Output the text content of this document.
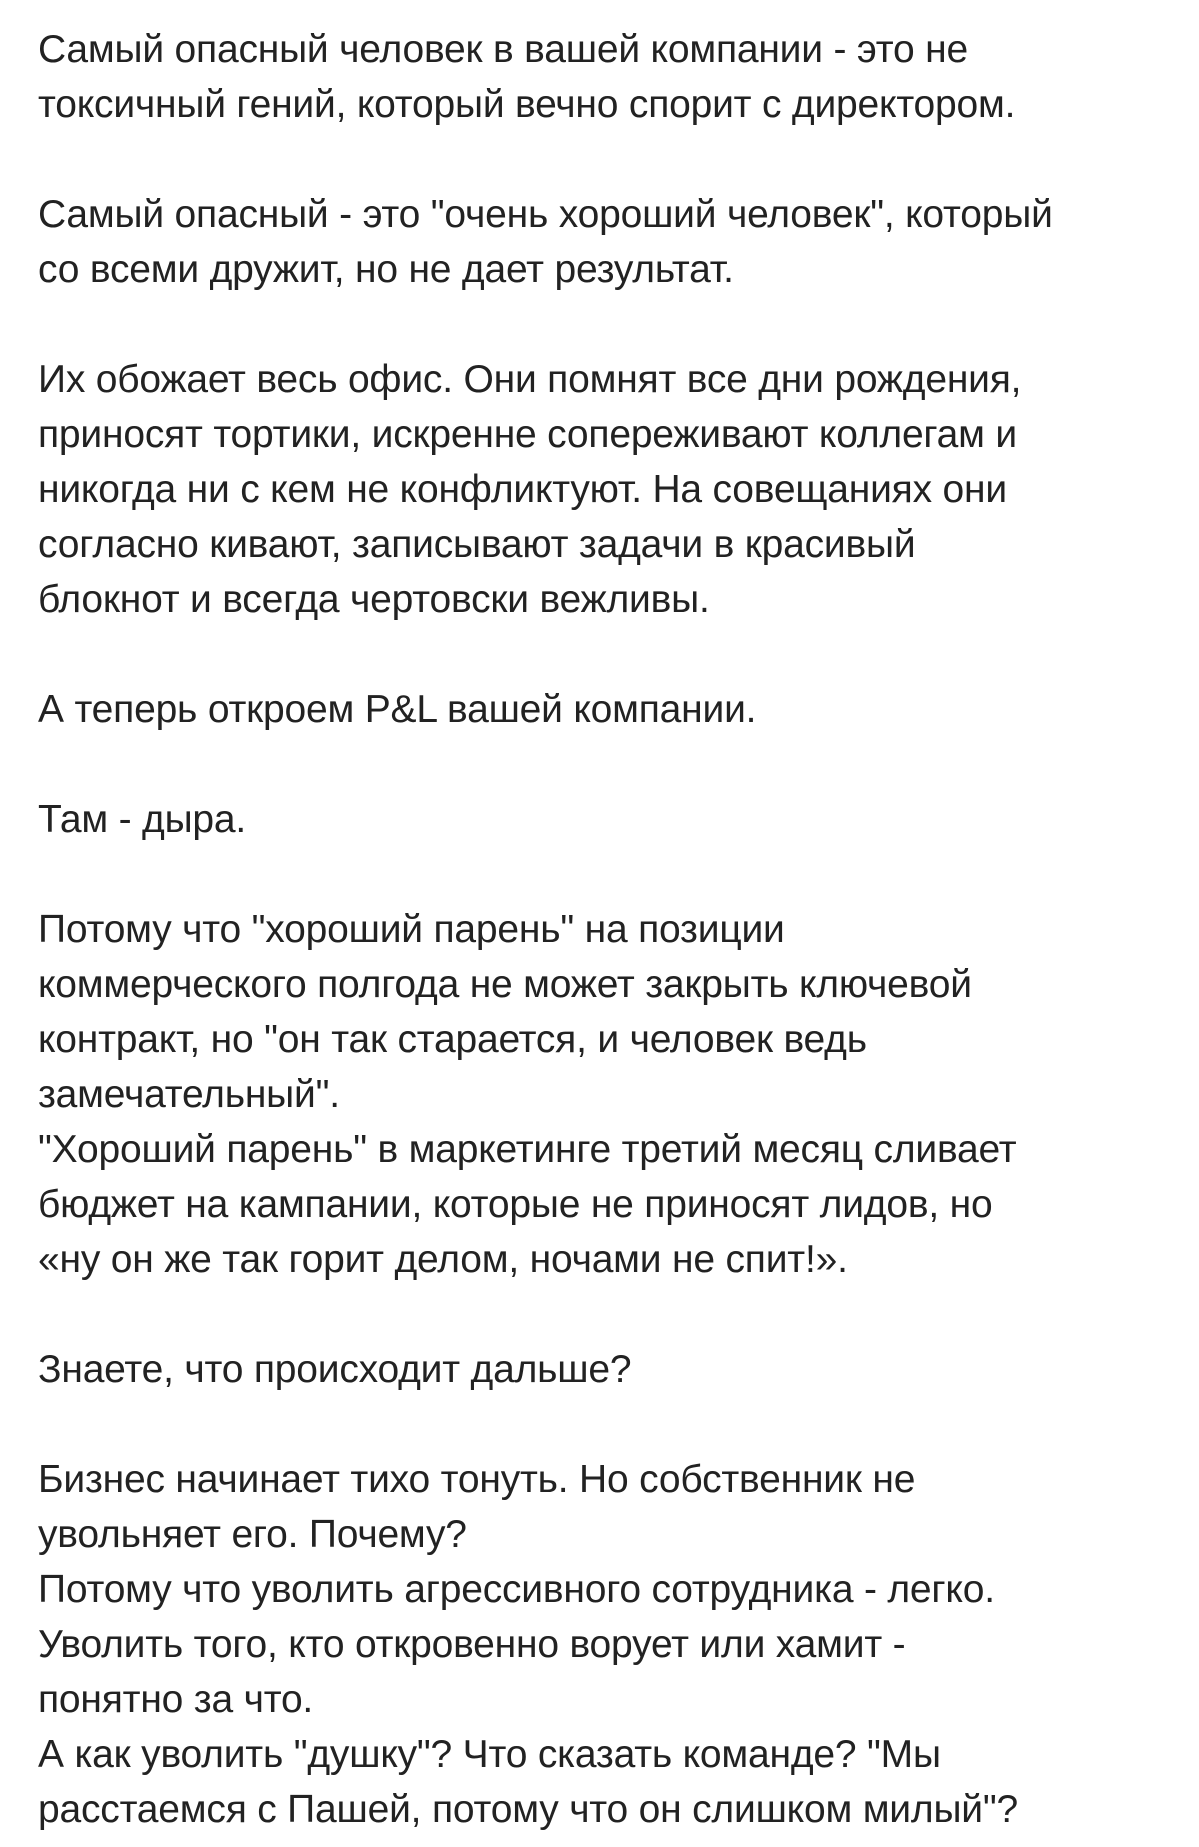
Самый опасный человек в вашей компании - это не
токсичный гений, который вечно спорит с директором.
Самый опасный - это "очень хороший человек", который
со всеми дружит, но не дает результат.
Их обожает весь офис. Они помнят все дни рождения,
приносят тортики, искренне сопереживают коллегам и
никогда ни с кем не конфликтуют. На совещаниях они
согласно кивают, записывают задачи в красивый
блокнот и всегда чертовски вежливы.
А теперь откроем P&L вашей компании.
Там - дыра.
Потому что "хороший парень" на позиции
коммерческого полгода не может закрыть ключевой
контракт, но "он так старается, и человек ведь
замечательный".
"Хороший парень" в маркетинге третий месяц сливает
бюджет на кампании, которые не приносят лидов, но
«ну он же так горит делом, ночами не спит!».
Знаете, что происходит дальше?
Бизнес начинает тихо тонуть. Но собственник не
увольняет его. Почему?
Потому что уволить агрессивного сотрудника - легко.
Уволить того, кто откровенно ворует или хамит -
понятно за что.
А как уволить "душку"? Что сказать команде? "Мы
расстаемся с Пашей, потому что он слишком милый"?
